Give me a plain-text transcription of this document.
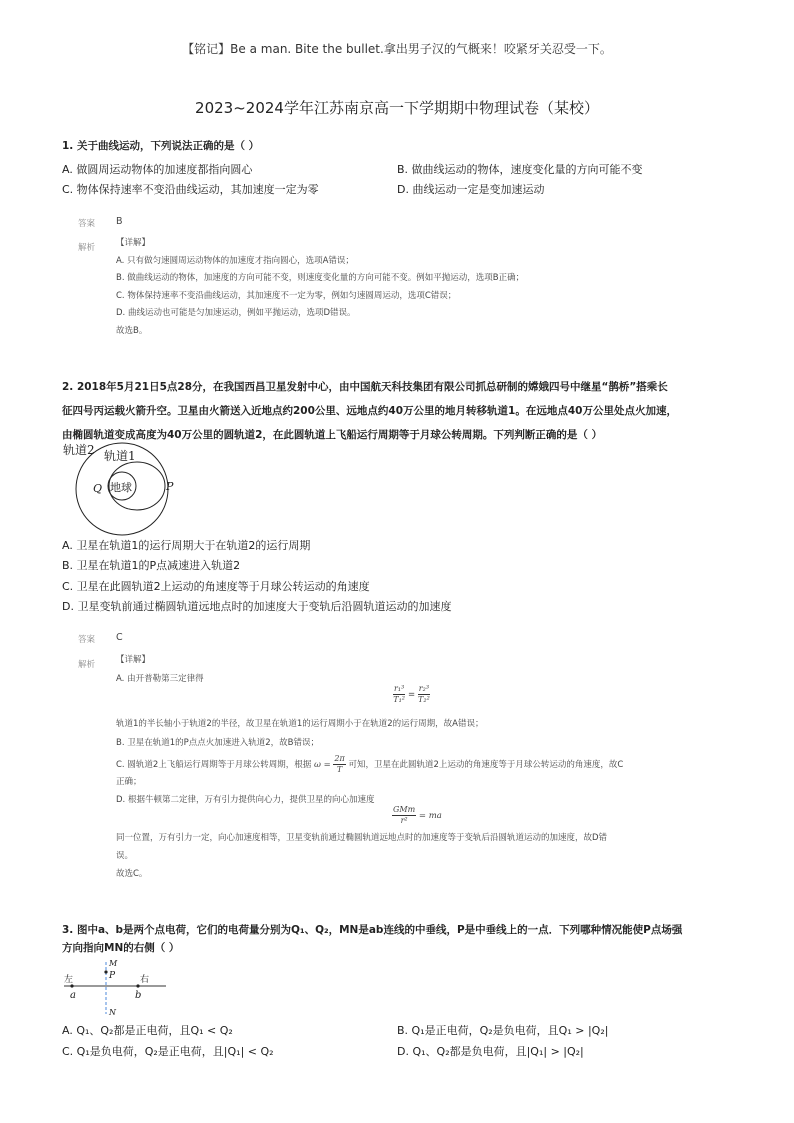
【铭记】Be a man. Bite the bullet.拿出男子汉的气概来！咬紧牙关忍受一下。
2023~2024学年江苏南京高一下学期期中物理试卷（某校）
1. 关于曲线运动，下列说法正确的是（ ）
A. 做圆周运动物体的加速度都指向圆心	B. 做曲线运动的物体，速度变化量的方向可能不变
C. 物体保持速率不变沿曲线运动，其加速度一定为零	D. 曲线运动一定是变加速运动
答案 B
解析 【详解】
A. 只有做匀速圆周运动物体的加速度才指向圆心，选项A错误；
B. 做曲线运动的物体，加速度的方向可能不变，则速度变化量的方向可能不变。例如平抛运动，选项B正确；
C. 物体保持速率不变沿曲线运动，其加速度不一定为零，例如匀速圆周运动，选项C错误；
D. 曲线运动也可能是匀加速运动，例如平抛运动，选项D错误。
故选B。
2. 2018年5月21日5点28分，在我国西昌卫星发射中心，由中国航天科技集团有限公司抓总研制的嫦娥四号中继星“鹊桥”搭乘长
征四号丙运载火箭升空。卫星由火箭送入近地点约200公里、远地点约40万公里的地月转移轨道1。在远地点40万公里处点火加速，
由椭圆轨道变成高度为40万公里的圆轨道2，在此圆轨道上飞船运行周期等于月球公转周期。下列判断正确的是（ ）
轨道2 轨道1
地球
Q	P
A. 卫星在轨道1的运行周期大于在轨道2的运行周期
B. 卫星在轨道1的P点减速进入轨道2
C. 卫星在此圆轨道2上运动的角速度等于月球公转运动的角速度
D. 卫星变轨前通过椭圆轨道远地点时的加速度大于变轨后沿圆轨道运动的加速度
答案 C
解析 【详解】
A. 由开普勒第三定律得
$\frac{\text{r₁³}}{\text{T₁²}} = \frac{\text{r₂³}}{\text{T₂²}}$
轨道1的半长轴小于轨道2的半径，故卫星在轨道1的运行周期小于在轨道2的运行周期，故A错误；
B. 卫星在轨道1的P点点火加速进入轨道2，故B错误；
C. 圆轨道2上飞船运行周期等于月球公转周期，根据 $\omega = \frac{2\pi}{T}$ 可知，卫星在此圆轨道2上运动的角速度等于月球公转运动的角速度，故C
正确；
D. 根据牛顿第二定律，万有引力提供向心力，提供卫星的向心加速度
$\frac{\text{GMm}}{\text{r²}}$ = ma
同一位置，万有引力一定，向心加速度相等，卫星变轨前通过椭圆轨道远地点时的加速度等于变轨后沿圆轨道运动的加速度，故D错
误。
故选C。
3. 图中a、b是两个点电荷，它们的电荷量分别为Q₁、Q₂，MN是ab连线的中垂线，P是中垂线上的一点．下列哪种情况能使P点场强
方向指向MN的右侧（ ）
左	右
a	b
M
P
N
A. Q₁、Q₂都是正电荷，且Q₁ < Q₂	B. Q₁是正电荷，Q₂是负电荷，且Q₁ > |Q₂|
C. Q₁是负电荷，Q₂是正电荷，且|Q₁| < Q₂	D. Q₁、Q₂都是负电荷，且|Q₁| > |Q₂|
